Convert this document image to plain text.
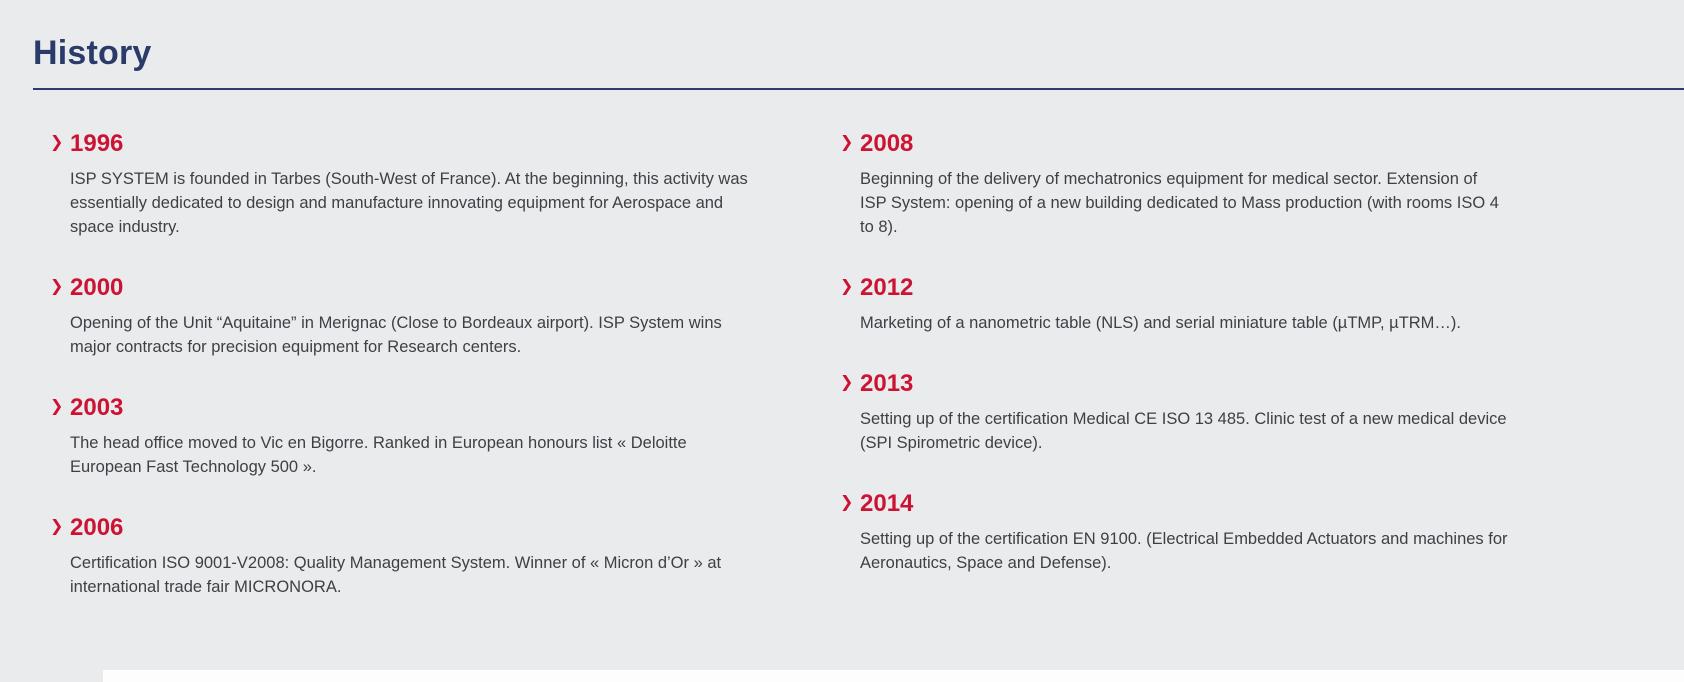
History
❯ 1996

ISP SYSTEM is founded in Tarbes (South-West of France). At the beginning, this activity was essentially dedicated to design and manufacture innovating equipment for Aerospace and space industry.

❯ 2000

Opening of the Unit “Aquitaine” in Merignac (Close to Bordeaux airport). ISP System wins major contracts for precision equipment for Research centers.

❯ 2003

The head office moved to Vic en Bigorre. Ranked in European honours list « Deloitte European Fast Technology 500 ».

❯ 2006

Certification ISO 9001-V2008: Quality Management System. Winner of « Micron d’Or » at international trade fair MICRONORA.

❯ 2008

Beginning of the delivery of mechatronics equipment for medical sector. Extension of ISP System: opening of a new building dedicated to Mass production (with rooms ISO 4 to 8).

❯ 2012

Marketing of a nanometric table (NLS) and serial miniature table (µTMP, µTRM…).

❯ 2013

Setting up of the certification Medical CE ISO 13 485. Clinic test of a new medical device (SPI Spirometric device).

❯ 2014

Setting up of the certification EN 9100. (Electrical Embedded Actuators and machines for Aeronautics, Space and Defense).
